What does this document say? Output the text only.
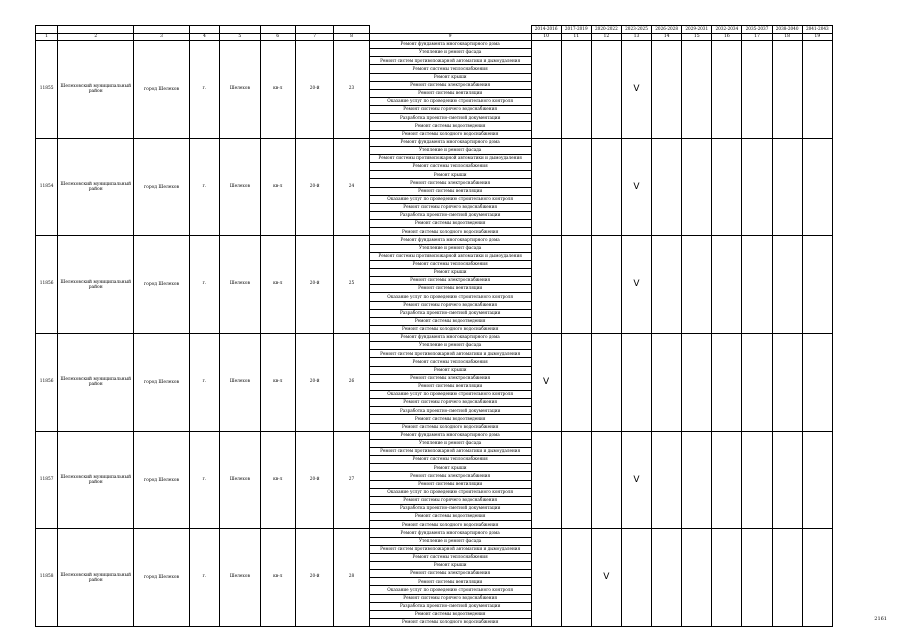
									2014-2016	2017-2019	2020-2022	2023-2025	2026-2028	2029-2031	2032-2034	2035-2037	2038-2040	2041-2043
1	2	3	4	5	6	7	8	9	10	11	12	13	14	15	16	17	18	19
11855	Шелеховский муниципальный район	город Шелехов	г.	Шелехов	кв-л	20-й	23	Ремонт фундамента многоквартирного дома				V						
								Утепление и ремонт фасада										
								Ремонт систем противопожарной автоматики и дымоудаления										
								Ремонт системы теплоснабжения										
								Ремонт крыши										
								Ремонт системы электроснабжения										
								Ремонт системы вентиляции										
								Оказание услуг по проведению строительного контроля										
								Ремонт системы горячего водоснабжения										
								Разработка проектно-сметной документации										
								Ремонт системы водоотведения										
								Ремонт системы холодного водоснабжения										
11854	Шелеховский муниципальный район	город Шелехов	г.	Шелехов	кв-л	20-й	24	Ремонт фундамента многоквартирного дома				V						
								Утепление и ремонт фасада										
								Ремонт системы противопожарной автоматики и дымоудаления										
								Ремонт системы теплоснабжения										
								Ремонт крыши										
								Ремонт системы электроснабжения										
								Ремонт системы вентиляции										
								Оказание услуг по проведению строительного контроля										
								Ремонт системы горячего водоснабжения										
								Разработка проектно-сметной документации										
								Ремонт системы водоотведения										
								Ремонт системы холодного водоснабжения										
11856	Шелеховский муниципальный район	город Шелехов	г.	Шелехов	кв-л	20-й	25	Ремонт фундамента многоквартирного дома				V						
								Утепление и ремонт фасада										
								Ремонт системы противопожарной автоматики и дымоудаления										
								Ремонт системы теплоснабжения										
								Ремонт крыши										
								Ремонт системы электроснабжения										
								Ремонт системы вентиляции										
								Оказание услуг по проведению строительного контроля										
								Ремонт системы горячего водоснабжения										
								Разработка проектно-сметной документации										
								Ремонт системы водоотведения										
								Ремонт системы холодного водоснабжения										
11856	Шелеховский муниципальный район	город Шелехов	г.	Шелехов	кв-л	20-й	26	Ремонт фундамента многоквартирного дома	V									
								Утепление и ремонт фасада										
								Ремонт систем противопожарной автоматики и дымоудаления										
								Ремонт системы теплоснабжения										
								Ремонт крыши										
								Ремонт системы электроснабжения										
								Ремонт системы вентиляции										
								Оказание услуг по проведению строительного контроля										
								Ремонт системы горячего водоснабжения										
								Разработка проектно-сметной документации										
								Ремонт системы водоотведения										
								Ремонт системы холодного водоснабжения										
11857	Шелеховский муниципальный район	город Шелехов	г.	Шелехов	кв-л	20-й	27	Ремонт фундамента многоквартирного дома				V						
								Утепление и ремонт фасада										
								Ремонт систем противопожарной автоматики и дымоудаления										
								Ремонт системы теплоснабжения										
								Ремонт крыши										
								Ремонт системы электроснабжения										
								Ремонт системы вентиляции										
								Оказание услуг по проведению строительного контроля										
								Ремонт системы горячего водоснабжения										
								Разработка проектно-сметной документации										
								Ремонт системы водоотведения										
								Ремонт системы холодного водоснабжения										
11858	Шелеховский муниципальный район	город Шелехов	г.	Шелехов	кв-л	20-й	28	Ремонт фундамента многоквартирного дома			V							
								Утепление и ремонт фасада										
								Ремонт систем противопожарной автоматики и дымоудаления										
								Ремонт системы теплоснабжения										
								Ремонт крыши										
								Ремонт системы электроснабжения										
								Ремонт системы вентиляции										
								Оказание услуг по проведению строительного контроля										
								Ремонт системы горячего водоснабжения										
								Разработка проектно-сметной документации										
								Ремонт системы водоотведения										
								Ремонт системы холодного водоснабжения											2161
